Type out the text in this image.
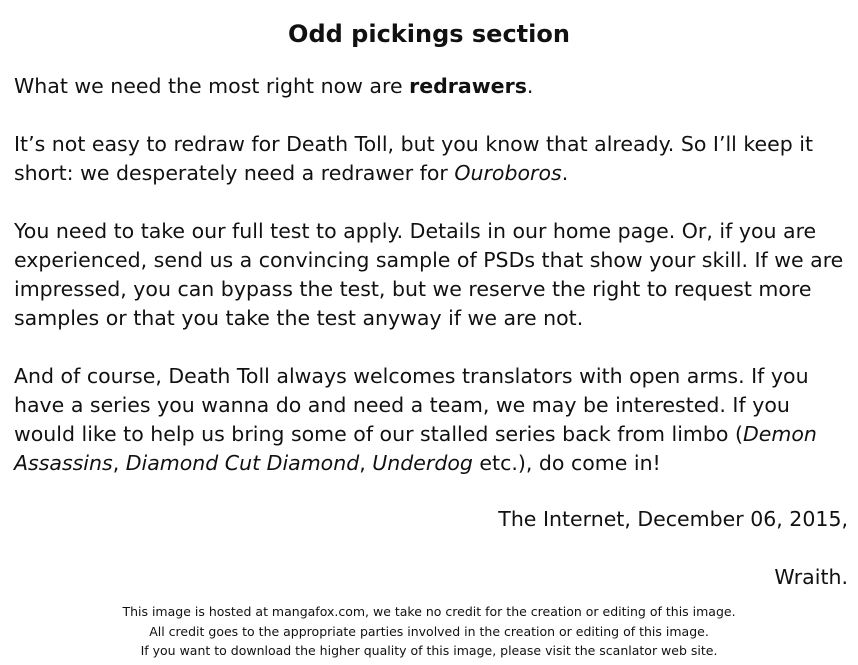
Odd pickings section

What we need the most right now are redrawers.

It’s not easy to redraw for Death Toll, but you know that already. So I’ll keep it short: we desperately need a redrawer for Ouroboros.

You need to take our full test to apply. Details in our home page. Or, if you are experienced, send us a convincing sample of PSDs that show your skill. If we are impressed, you can bypass the test, but we reserve the right to request more samples or that you take the test anyway if we are not.

And of course, Death Toll always welcomes translators with open arms. If you have a series you wanna do and need a team, we may be interested. If you would like to help us bring some of our stalled series back from limbo (Demon Assassins, Diamond Cut Diamond, Underdog etc.), do come in!

The Internet, December 06, 2015,
Wraith.
This image is hosted at mangafox.com, we take no credit for the creation or editing of this image.
All credit goes to the appropriate parties involved in the creation or editing of this image.
If you want to download the higher quality of this image, please visit the scanlator web site.
